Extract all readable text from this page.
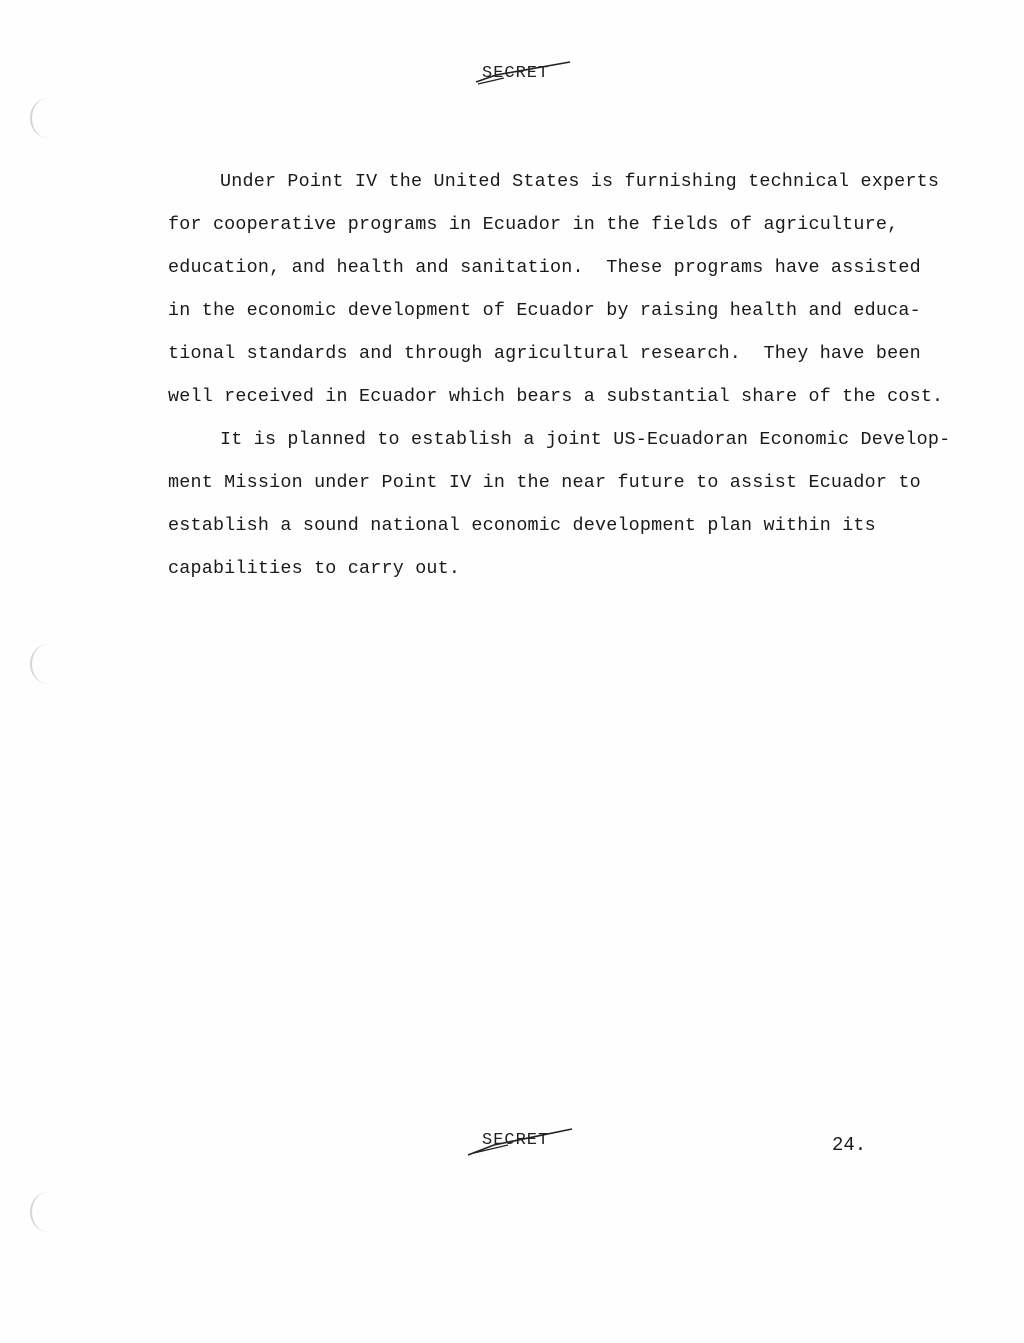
SECRET

Under Point IV the United States is furnishing technical experts
for cooperative programs in Ecuador in the fields of agriculture,
education, and health and sanitation.  These programs have assisted
in the economic development of Ecuador by raising health and educa-
tional standards and through agricultural research.  They have been
well received in Ecuador which bears a substantial share of the cost.

It is planned to establish a joint US-Ecuadoran Economic Develop-
ment Mission under Point IV in the near future to assist Ecuador to
establish a sound national economic development plan within its
capabilities to carry out.

SECRET	24.
